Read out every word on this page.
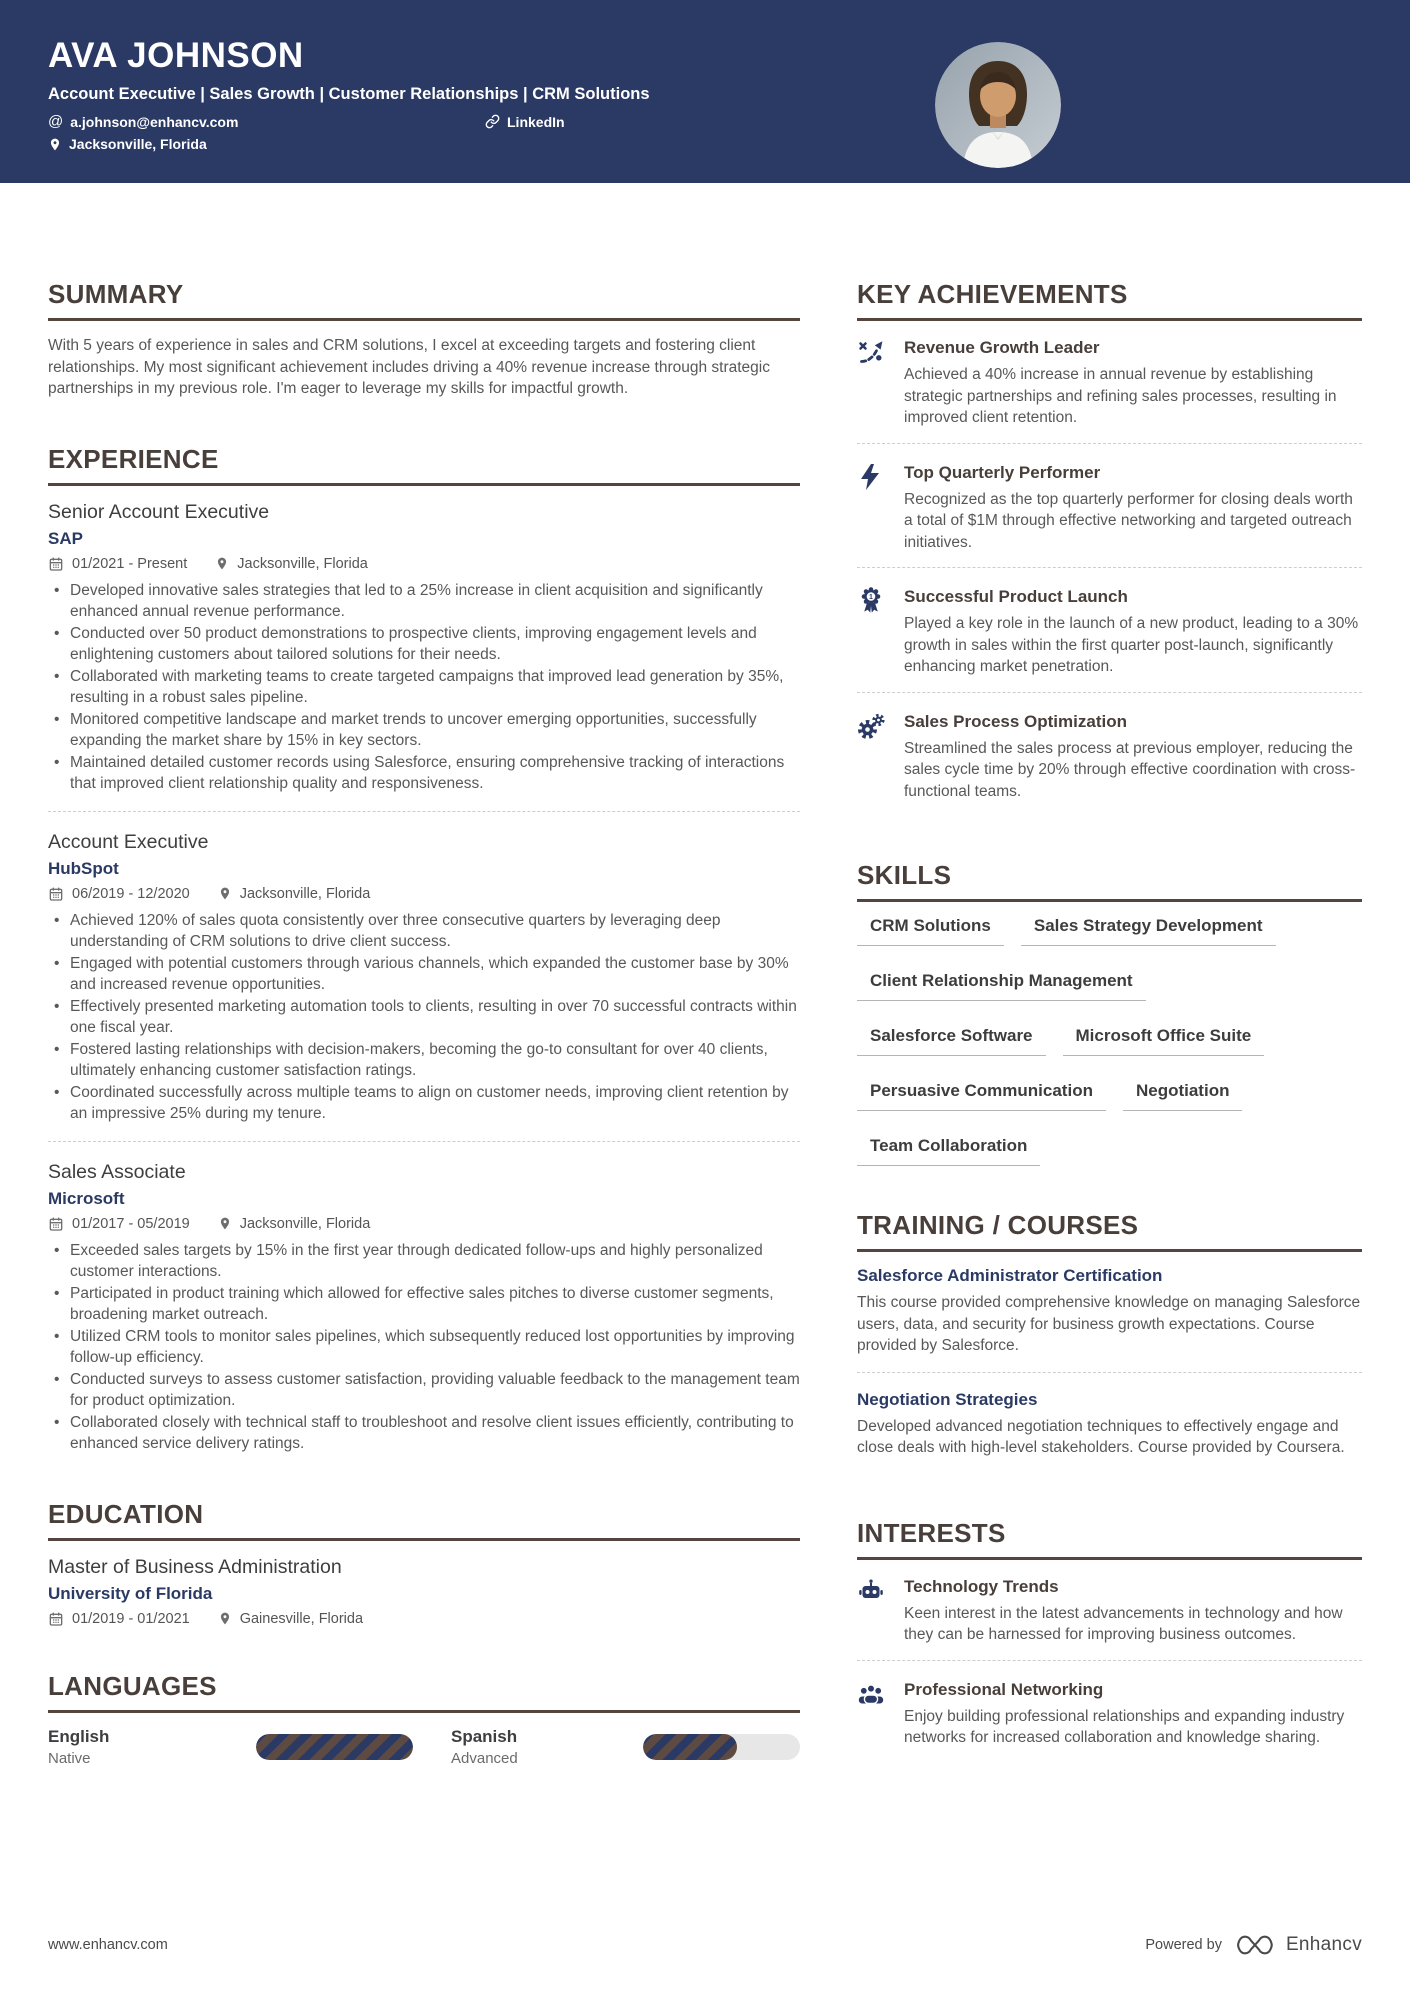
AVA JOHNSON
Account Executive | Sales Growth | Customer Relationships | CRM Solutions
@ a.johnson@enhancv.com	LinkedIn
Jacksonville, Florida
SUMMARY

With 5 years of experience in sales and CRM solutions, I excel at exceeding targets and fostering client relationships. My most significant achievement includes driving a 40% revenue increase through strategic partnerships in my previous role. I'm eager to leverage my skills for impactful growth.

EXPERIENCE
Senior Account Executive
SAP
01/2021 - Present	Jacksonville, Florida
• Developed innovative sales strategies that led to a 25% increase in client acquisition and significantly enhanced annual revenue performance.
• Conducted over 50 product demonstrations to prospective clients, improving engagement levels and enlightening customers about tailored solutions for their needs.
• Collaborated with marketing teams to create targeted campaigns that improved lead generation by 35%, resulting in a robust sales pipeline.
• Monitored competitive landscape and market trends to uncover emerging opportunities, successfully expanding the market share by 15% in key sectors.
• Maintained detailed customer records using Salesforce, ensuring comprehensive tracking of interactions that improved client relationship quality and responsiveness.
Account Executive
HubSpot
06/2019 - 12/2020	Jacksonville, Florida
• Achieved 120% of sales quota consistently over three consecutive quarters by leveraging deep understanding of CRM solutions to drive client success.
• Engaged with potential customers through various channels, which expanded the customer base by 30% and increased revenue opportunities.
• Effectively presented marketing automation tools to clients, resulting in over 70 successful contracts within one fiscal year.
• Fostered lasting relationships with decision-makers, becoming the go-to consultant for over 40 clients, ultimately enhancing customer satisfaction ratings.
• Coordinated successfully across multiple teams to align on customer needs, improving client retention by an impressive 25% during my tenure.
Sales Associate
Microsoft
01/2017 - 05/2019	Jacksonville, Florida
• Exceeded sales targets by 15% in the first year through dedicated follow-ups and highly personalized customer interactions.
• Participated in product training which allowed for effective sales pitches to diverse customer segments, broadening market outreach.
• Utilized CRM tools to monitor sales pipelines, which subsequently reduced lost opportunities by improving follow-up efficiency.
• Conducted surveys to assess customer satisfaction, providing valuable feedback to the management team for product optimization.
• Collaborated closely with technical staff to troubleshoot and resolve client issues efficiently, contributing to enhanced service delivery ratings.
EDUCATION
Master of Business Administration
University of Florida
01/2019 - 01/2021	Gainesville, Florida
LANGUAGES
English
Native
Spanish
Advanced
KEY ACHIEVEMENTS
Revenue Growth Leader
Achieved a 40% increase in annual revenue by establishing strategic partnerships and refining sales processes, resulting in improved client retention.
Top Quarterly Performer
Recognized as the top quarterly performer for closing deals worth a total of $1M through effective networking and targeted outreach initiatives.
1 Successful Product Launch
Played a key role in the launch of a new product, leading to a 30% growth in sales within the first quarter post-launch, significantly enhancing market penetration.
Sales Process Optimization
Streamlined the sales process at previous employer, reducing the sales cycle time by 20% through effective coordination with cross-functional teams.
SKILLS
CRM Solutions	Sales Strategy Development
Client Relationship Management
Salesforce Software	Microsoft Office Suite
Persuasive Communication	Negotiation
Team Collaboration
TRAINING / COURSES
Salesforce Administrator Certification
This course provided comprehensive knowledge on managing Salesforce users, data, and security for business growth expectations. Course provided by Salesforce.
Negotiation Strategies
Developed advanced negotiation techniques to effectively engage and close deals with high-level stakeholders. Course provided by Coursera.
INTERESTS
Technology Trends
Keen interest in the latest advancements in technology and how they can be harnessed for improving business outcomes.
Professional Networking
Enjoy building professional relationships and expanding industry networks for increased collaboration and knowledge sharing.
www.enhancv.com	Powered by	Enhancv
